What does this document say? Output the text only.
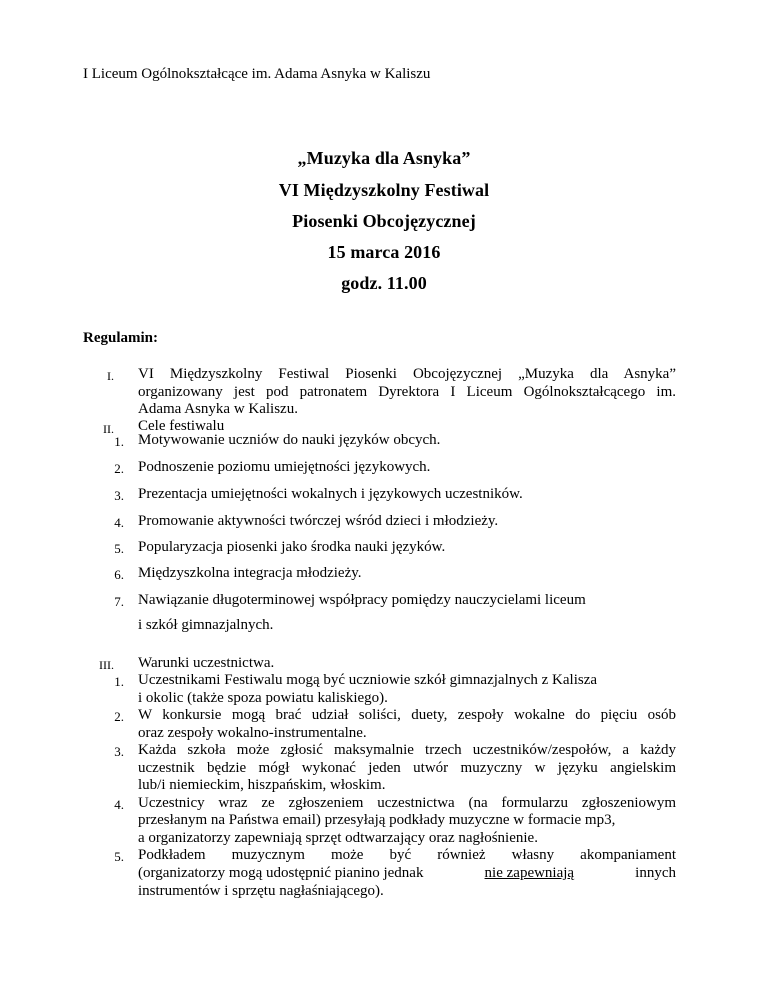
I Liceum Ogólnokształcące im. Adama Asnyka w Kaliszu
„Muzyka dla Asnyka”
VI Międzyszkolny Festiwal
Piosenki Obcojęzycznej
15 marca 2016
godz. 11.00
Regulamin:
I. VI Międzyszkolny Festiwal Piosenki Obcojęzycznej „Muzyka dla Asnyka”
organizowany jest pod patronatem Dyrektora I Liceum Ogólnokształcącego im.
Adama Asnyka w Kaliszu.
II. Cele festiwalu
1. Motywowanie uczniów do nauki języków obcych.
2. Podnoszenie poziomu umiejętności językowych.
3. Prezentacja umiejętności wokalnych i językowych uczestników.
4. Promowanie aktywności twórczej wśród dzieci i młodzieży.
5. Popularyzacja piosenki jako środka nauki języków.
6. Międzyszkolna integracja młodzieży.
7. Nawiązanie długoterminowej współpracy pomiędzy nauczycielami liceum
i szkół gimnazjalnych.
III. Warunki uczestnictwa.
1. Uczestnikami Festiwalu mogą być uczniowie szkół gimnazjalnych z Kalisza
i okolic (także spoza powiatu kaliskiego).
2. W konkursie mogą brać udział soliści, duety, zespoły wokalne do pięciu osób
oraz zespoły wokalno-instrumentalne.
3. Każda szkoła może zgłosić maksymalnie trzech uczestników/zespołów, a każdy
uczestnik będzie mógł wykonać jeden utwór muzyczny w języku angielskim
lub/i niemieckim, hiszpańskim, włoskim.
4. Uczestnicy wraz ze zgłoszeniem uczestnictwa (na formularzu zgłoszeniowym
przesłanym na Państwa email) przesyłają podkłady muzyczne w formacie mp3,
a organizatorzy zapewniają sprzęt odtwarzający oraz nagłośnienie.
5. Podkładem muzycznym może być również własny akompaniament
(organizatorzy mogą udostępnić pianino jednak	nie zapewniają	innych
instrumentów i sprzętu nagłaśniającego).
